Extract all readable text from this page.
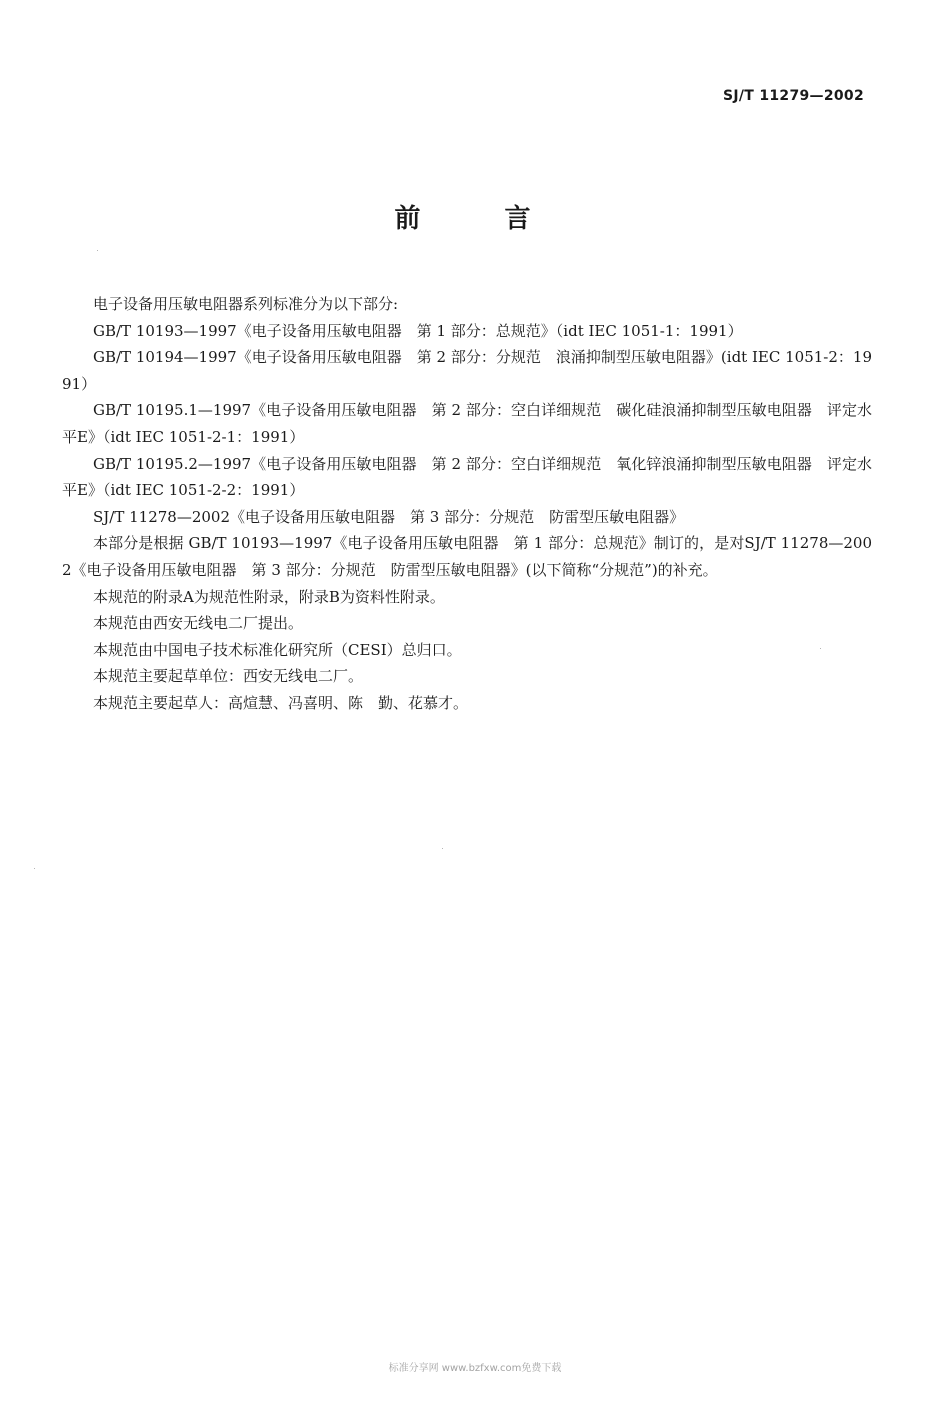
SJ/T 11279—2002
前言

电子设备用压敏电阻器系列标准分为以下部分:

GB/T 10193—1997《电子设备用压敏电阻器　第 1 部分：总规范》（idt IEC 1051-1：1991）

GB/T 10194—1997《电子设备用压敏电阻器　第 2 部分：分规范　浪涌抑制型压敏电阻器》(idt IEC 1051-2：1991）

GB/T 10195.1—1997《电子设备用压敏电阻器　第 2 部分：空白详细规范　碳化硅浪涌抑制型压敏电阻器　评定水平E》（idt IEC 1051-2-1：1991）

GB/T 10195.2—1997《电子设备用压敏电阻器　第 2 部分：空白详细规范　氧化锌浪涌抑制型压敏电阻器　评定水平E》（idt IEC 1051-2-2：1991）

SJ/T 11278—2002《电子设备用压敏电阻器　第 3 部分：分规范　防雷型压敏电阻器》

本部分是根据 GB/T 10193—1997《电子设备用压敏电阻器　第 1 部分：总规范》制订的，是对SJ/T 11278—2002《电子设备用压敏电阻器　第 3 部分：分规范　防雷型压敏电阻器》(以下简称“分规范”)的补充。

本规范的附录A为规范性附录，附录B为资料性附录。

本规范由西安无线电二厂提出。

本规范由中国电子技术标准化研究所（CESI）总归口。

本规范主要起草单位：西安无线电二厂。

本规范主要起草人：高煊慧、冯喜明、陈　勤、花慕才。

标准分享网 www.bzfxw.com免费下载
